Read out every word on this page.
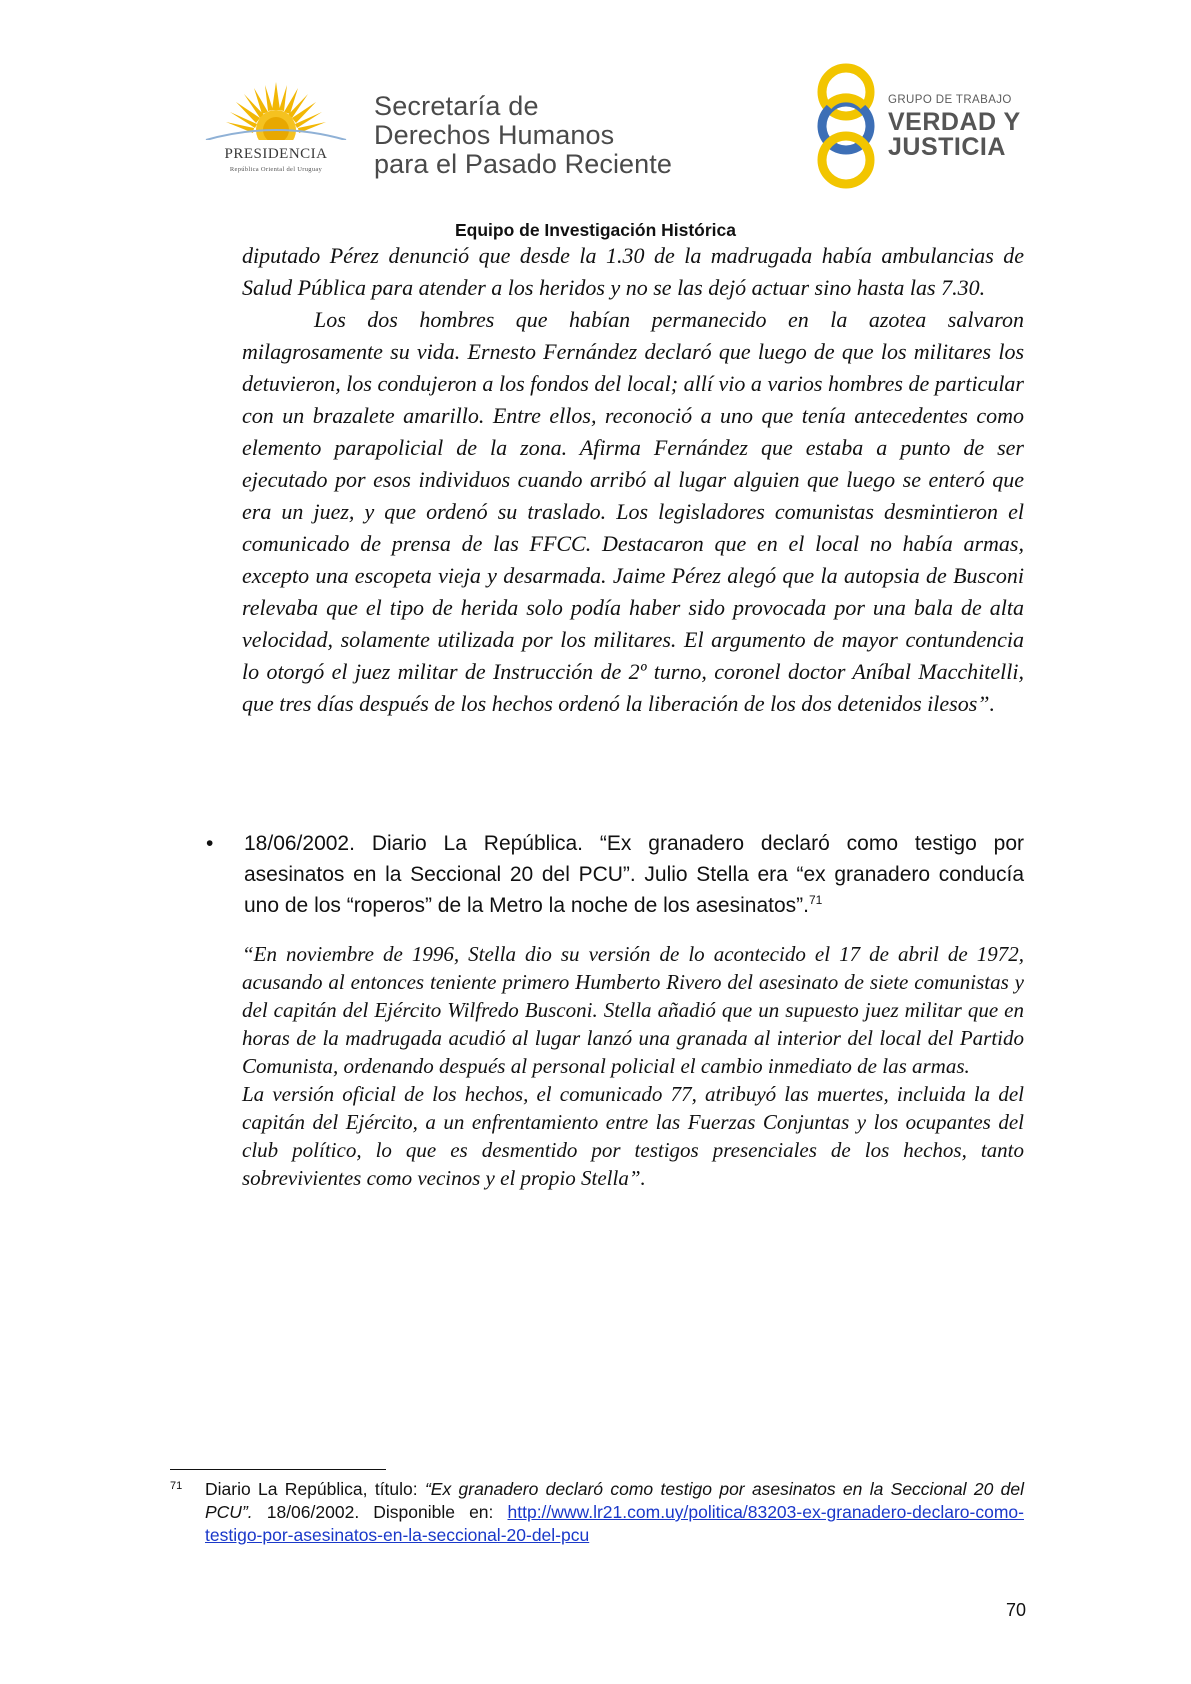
PRESIDENCIA
República Oriental del Uruguay
Secretaría de
Derechos Humanos
para el Pasado Reciente
GRUPO DE TRABAJO
VERDAD Y
JUSTICIA
Equipo de Investigación Histórica

diputado Pérez denunció que desde la 1.30 de la madrugada había ambulancias de Salud Pública para atender a los heridos y no se las dejó actuar sino hasta las 7.30.

Los dos hombres que habían permanecido en la azotea salvaron milagrosamente su vida. Ernesto Fernández declaró que luego de que los militares los detuvieron, los condujeron a los fondos del local; allí vio a varios hombres de particular con un brazalete amarillo. Entre ellos, reconoció a uno que tenía antecedentes como elemento parapolicial de la zona. Afirma Fernández que estaba a punto de ser ejecutado por esos individuos cuando arribó al lugar alguien que luego se enteró que era un juez, y que ordenó su traslado. Los legisladores comunistas desmintieron el comunicado de prensa de las FFCC. Destacaron que en el local no había armas, excepto una escopeta vieja y desarmada. Jaime Pérez alegó que la autopsia de Busconi relevaba que el tipo de herida solo podía haber sido provocada por una bala de alta velocidad, solamente utilizada por los militares. El argumento de mayor contundencia lo otorgó el juez militar de Instrucción de 2º turno, coronel doctor Aníbal Macchitelli, que tres días después de los hechos ordenó la liberación de los dos detenidos ilesos”.

• 18/06/2002. Diario La República. “Ex granadero declaró como testigo por asesinatos en la Seccional 20 del PCU”. Julio Stella era “ex granadero conducía uno de los “roperos” de la Metro la noche de los asesinatos”.$^{71}$

“En noviembre de 1996, Stella dio su versión de lo acontecido el 17 de abril de 1972, acusando al entonces teniente primero Humberto Rivero del asesinato de siete comunistas y del capitán del Ejército Wilfredo Busconi. Stella añadió que un supuesto juez militar que en horas de la madrugada acudió al lugar lanzó una granada al interior del local del Partido Comunista, ordenando después al personal policial el cambio inmediato de las armas.

La versión oficial de los hechos, el comunicado 77, atribuyó las muertes, incluida la del capitán del Ejército, a un enfrentamiento entre las Fuerzas Conjuntas y los ocupantes del club político, lo que es desmentido por testigos presenciales de los hechos, tanto sobrevivientes como vecinos y el propio Stella”.

71 Diario La República, título: “Ex granadero declaró como testigo por asesinatos en la Seccional 20 del PCU”. 18/06/2002. Disponible en: http://www.lr21.com.uy/politica/83203-ex-granadero-declaro-como-testigo-por-asesinatos-en-la-seccional-20-del-pcu
70
